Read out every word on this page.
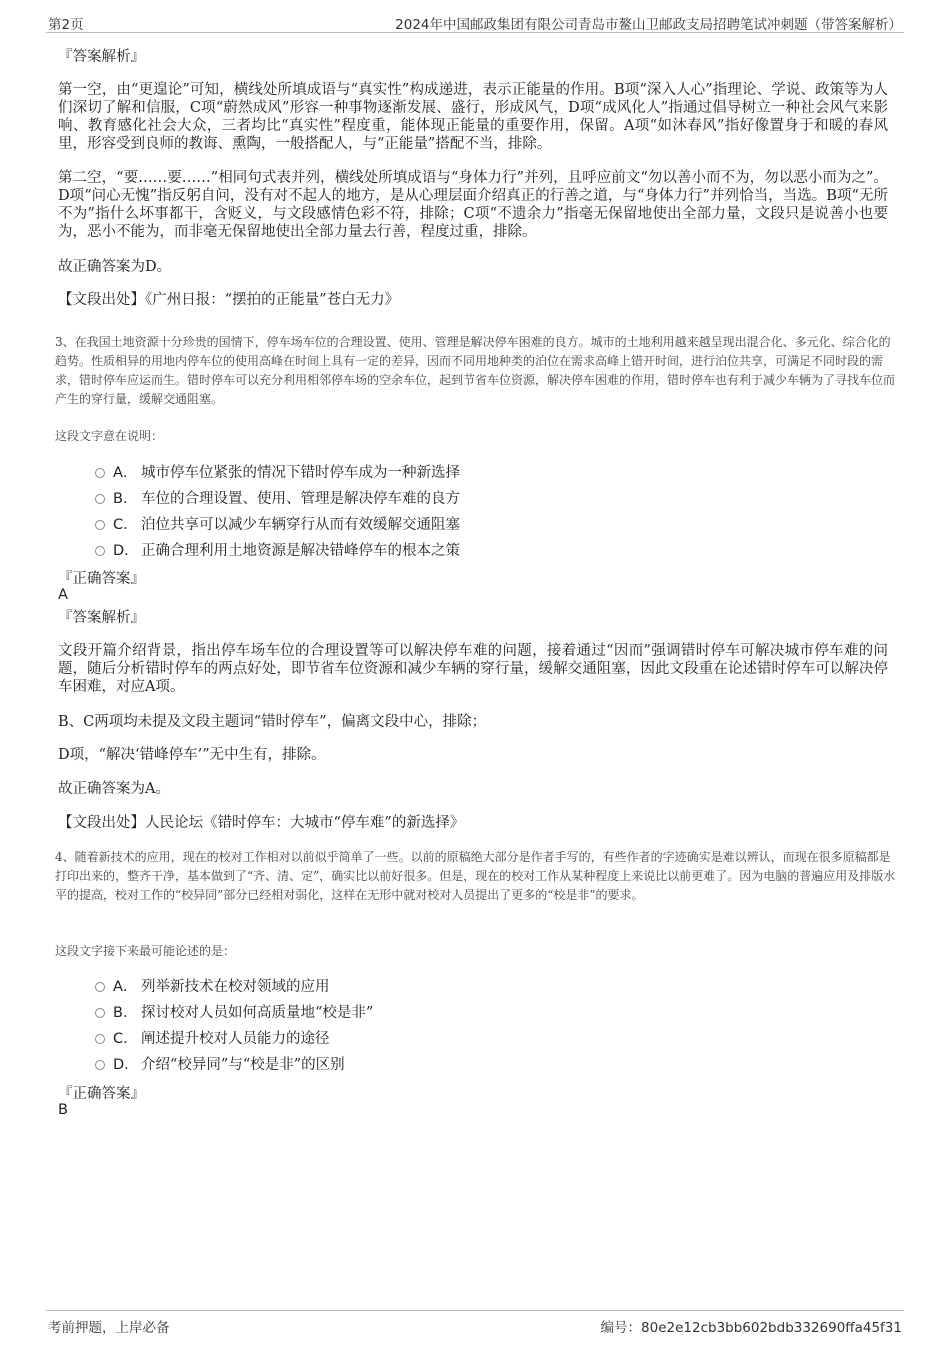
第2页	2024年中国邮政集团有限公司青岛市鳌山卫邮政支局招聘笔试冲刺题（带答案解析）
『答案解析』

第一空，由“更遑论”可知，横线处所填成语与“真实性”构成递进，表示正能量的作用。B项“深入人心”指理论、学说、政策等为人们深切了解和信服，C项“蔚然成风”形容一种事物逐渐发展、盛行，形成风气，D项“成风化人”指通过倡导树立一种社会风气来影响、教育感化社会大众，三者均比“真实性”程度重，能体现正能量的重要作用，保留。A项“如沐春风”指好像置身于和暖的春风里，形容受到良师的教诲、熏陶，一般搭配人，与“正能量”搭配不当，排除。

第二空，“要……要……”相同句式表并列，横线处所填成语与“身体力行”并列，且呼应前文“勿以善小而不为，勿以恶小而为之”。D项“问心无愧”指反躬自问，没有对不起人的地方，是从心理层面介绍真正的行善之道，与“身体力行”并列恰当，当选。B项“无所不为”指什么坏事都干，含贬义，与文段感情色彩不符，排除；C项“不遗余力”指毫无保留地使出全部力量，文段只是说善小也要为，恶小不能为，而非毫无保留地使出全部力量去行善，程度过重，排除。

故正确答案为D。
【文段出处】《广州日报：“摆拍的正能量”苍白无力》
3、在我国土地资源十分珍贵的国情下，停车场车位的合理设置、使用、管理是解决停车困难的良方。城市的土地利用越来越呈现出混合化、多元化、综合化的趋势。性质相异的用地内停车位的使用高峰在时间上具有一定的差异，因而不同用地种类的泊位在需求高峰上错开时间，进行泊位共享，可满足不同时段的需求，错时停车应运而生。错时停车可以充分利用相邻停车场的空余车位，起到节省车位资源，解决停车困难的作用，错时停车也有利于减少车辆为了寻找车位而产生的穿行量，缓解交通阻塞。
这段文字意在说明：
A． 城市停车位紧张的情况下错时停车成为一种新选择
B． 车位的合理设置、使用、管理是解决停车难的良方
C． 泊位共享可以减少车辆穿行从而有效缓解交通阻塞
D． 正确合理利用土地资源是解决错峰停车的根本之策
『正确答案』
A
『答案解析』

文段开篇介绍背景，指出停车场车位的合理设置等可以解决停车难的问题，接着通过“因而”强调错时停车可解决城市停车难的问题，随后分析错时停车的两点好处，即节省车位资源和减少车辆的穿行量，缓解交通阻塞，因此文段重在论述错时停车可以解决停车困难，对应A项。

B、C两项均未提及文段主题词“错时停车”，偏离文段中心，排除；
D项，“解决‘错峰停车’”无中生有，排除。
故正确答案为A。
【文段出处】人民论坛《错时停车：大城市“停车难”的新选择》
4、随着新技术的应用，现在的校对工作相对以前似乎简单了一些。以前的原稿绝大部分是作者手写的，有些作者的字迹确实是难以辨认，而现在很多原稿都是打印出来的，整齐干净，基本做到了“齐、清、定”，确实比以前好很多。但是，现在的校对工作从某种程度上来说比以前更难了。因为电脑的普遍应用及排版水平的提高，校对工作的“校异同”部分已经相对弱化，这样在无形中就对校对人员提出了更多的“校是非”的要求。
这段文字接下来最可能论述的是：
A． 列举新技术在校对领域的应用
B． 探讨校对人员如何高质量地“校是非”
C． 阐述提升校对人员能力的途径
D． 介绍“校异同”与“校是非”的区别
『正确答案』
B
考前押题，上岸必备	编号：80e2e12cb3bb602bdb332690ffa45f31
